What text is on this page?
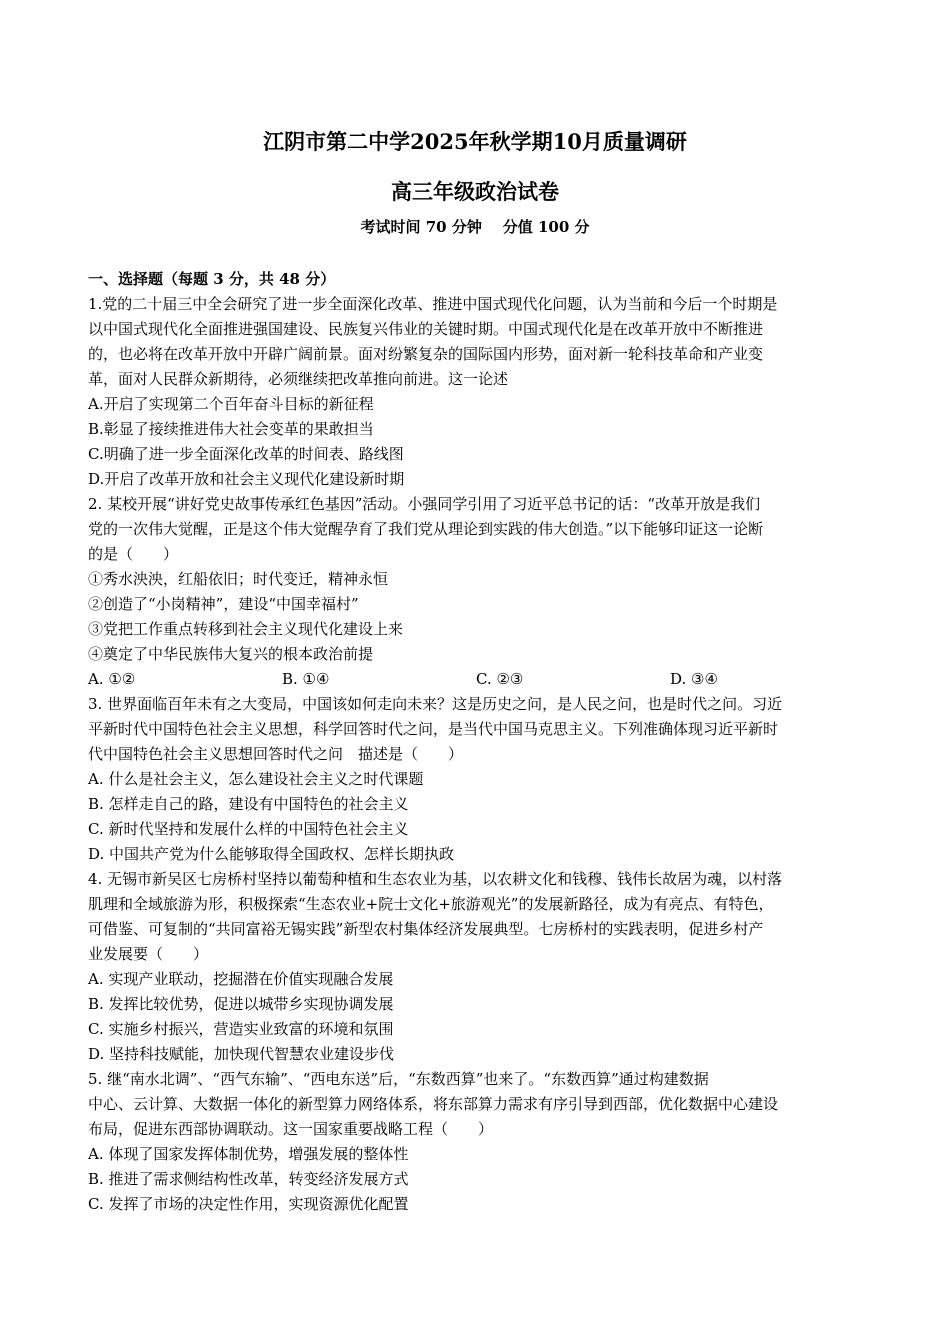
江阴市第二中学2025年秋学期10月质量调研
高三年级政治试卷
考试时间 70 分钟    分值 100 分
一、选择题（每题 3 分，共 48 分）
1.党的二十届三中全会研究了进一步全面深化改革、推进中国式现代化问题，认为当前和今后一个时期是
以中国式现代化全面推进强国建设、民族复兴伟业的关键时期。中国式现代化是在改革开放中不断推进
的，也必将在改革开放中开辟广阔前景。面对纷繁复杂的国际国内形势，面对新一轮科技革命和产业变
革，面对人民群众新期待，必须继续把改革推向前进。这一论述
A.开启了实现第二个百年奋斗目标的新征程
B.彰显了接续推进伟大社会变革的果敢担当
C.明确了进一步全面深化改革的时间表、路线图
D.开启了改革开放和社会主义现代化建设新时期
2. 某校开展“讲好党史故事传承红色基因”活动。小强同学引用了习近平总书记的话：“改革开放是我们
党的一次伟大觉醒，正是这个伟大觉醒孕育了我们党从理论到实践的伟大创造。”以下能够印证这一论断
的是（　　）
①秀水泱泱，红船依旧；时代变迁，精神永恒
②创造了“小岗精神”，建设“中国幸福村”
③党把工作重点转移到社会主义现代化建设上来
④奠定了中华民族伟大复兴的根本政治前提
A. ①②	B. ①④	C. ②③	D. ③④
3. 世界面临百年未有之大变局，中国该如何走向未来？这是历史之问，是人民之问，也是时代之问。习近
平新时代中国特色社会主义思想，科学回答时代之问，是当代中国马克思主义。下列准确体现习近平新时
代中国特色社会主义思想回答时代之问　描述是（　　）
A. 什么是社会主义，怎么建设社会主义之时代课题
B. 怎样走自己的路，建设有中国特色的社会主义
C. 新时代坚持和发展什么样的中国特色社会主义
D. 中国共产党为什么能够取得全国政权、怎样长期执政
4. 无锡市新吴区七房桥村坚持以葡萄种植和生态农业为基，以农耕文化和钱穆、钱伟长故居为魂，以村落
肌理和全域旅游为形，积极探索“生态农业+院士文化+旅游观光”的发展新路径，成为有亮点、有特色，
可借鉴、可复制的“共同富裕无锡实践”新型农村集体经济发展典型。七房桥村的实践表明，促进乡村产
业发展要（　　）
A. 实现产业联动，挖掘潜在价值实现融合发展
B. 发挥比较优势，促进以城带乡实现协调发展
C. 实施乡村振兴，营造实业致富的环境和氛围
D. 坚持科技赋能，加快现代智慧农业建设步伐
5. 继“南水北调”、“西气东输”、“西电东送”后，“东数西算”也来了。“东数西算”通过构建数据
中心、云计算、大数据一体化的新型算力网络体系，将东部算力需求有序引导到西部，优化数据中心建设
布局，促进东西部协调联动。这一国家重要战略工程（　　）
A. 体现了国家发挥体制优势，增强发展的整体性
B. 推进了需求侧结构性改革，转变经济发展方式
C. 发挥了市场的决定性作用，实现资源优化配置
